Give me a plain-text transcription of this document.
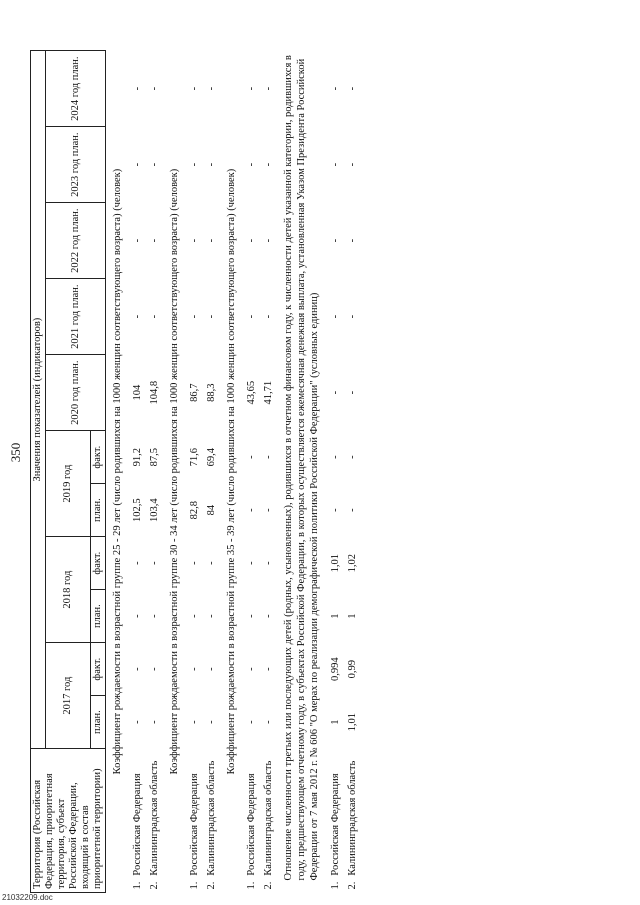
350
Территория (Российская Федерация, приоритетная территория, субъект Российской Федерации, входящий в состав приоритетной территории)		Значения показателей (индикаторов)										
		2017 год		2018 год		2019 год		2020 год план.	2021 год план.	2022 год план.	2023 год план.	2024 год план.
		план.	факт.	план.	факт.	план.	факт.					
Коэффициент рождаемости в возрастной группе 25 - 29 лет (число родившихся на 1000 женщин соответствующего возраста) (человек)												
1.	Российская Федерация	-	-	-	-	102,5	91,2	104	-	-	-	-
2.	Калининградская область	-	-	-	-	103,4	87,5	104,8	-	-	-	-
Коэффициент рождаемости в возрастной группе 30 - 34 лет (число родившихся на 1000 женщин соответствующего возраста) (человек)												
1.	Российская Федерация	-	-	-	-	82,8	71,6	86,7	-	-	-	-
2.	Калининградская область	-	-	-	-	84	69,4	88,3	-	-	-	-
Коэффициент рождаемости в возрастной группе 35 - 39 лет (число родившихся на 1000 женщин соответствующего возраста) (человек)												
1.	Российская Федерация	-	-	-	-	-	-	43,65	-	-	-	-
2.	Калининградская область	-	-	-	-	-	-	41,71	-	-	-	-
Отношение численности третьих или последующих детей (родных, усыновленных), родившихся в отчетном финансовом году, к численности детей указанной категории, родившихся в году, предшествующем отчетному году, в субъектах Российской Федерации, в которых осуществляется ежемесячная денежная выплата, установленная Указом Президента Российской Федерации от 7 мая 2012 г. № 606 "О мерах по реализации демографической политики Российской Федерации" (условных единиц)												
1.	Российская Федерация	1	0,994	1	1,01	-	-	-	-	-	-	-
2.	Калининградская область	1,01	0,99	1	1,02	-	-	-	-	-	-	-
21032209.doc
